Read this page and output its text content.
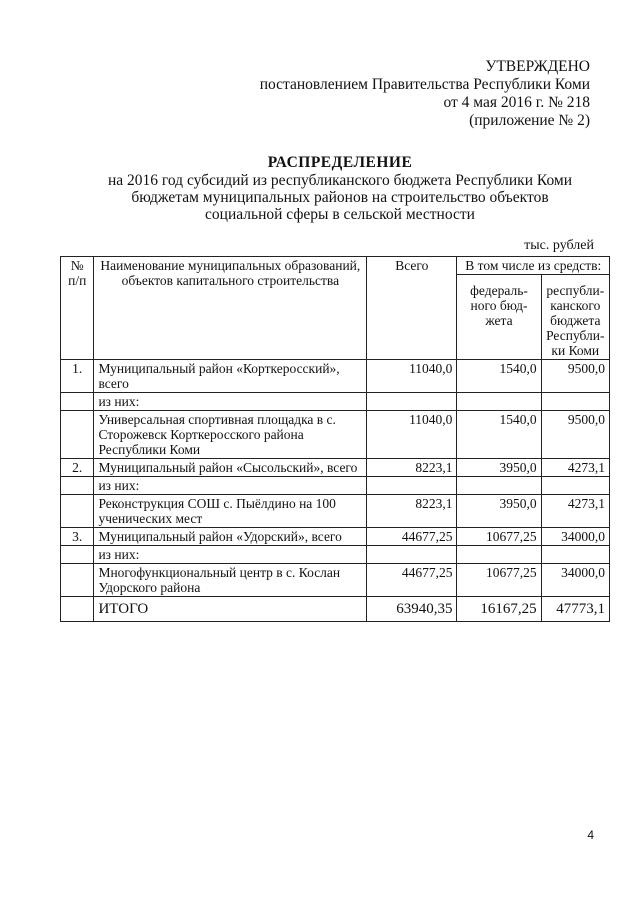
УТВЕРЖДЕНО
постановлением Правительства Республики Коми
от 4 мая 2016 г. № 218
(приложение № 2)
РАСПРЕДЕЛЕНИЕ
на 2016 год субсидий из республиканского бюджета Республики Коми
бюджетам муниципальных районов на строительство объектов
социальной сферы в сельской местности
тыс. рублей
№ п/п	Наименование муниципальных образований, объектов капитального строительства	Всего	В том числе из средств:	
			федераль-ного бюд-жета	республи-канского бюджета Республи-ки Коми
1.	Муниципальный район «Корткеросский», всего	11040,0	1540,0	9500,0
	из них:			
	Универсальная спортивная площадка в с. Сторожевск Корткеросского района Республики Коми	11040,0	1540,0	9500,0
2.	Муниципальный район «Сысольский», всего	8223,1	3950,0	4273,1
	из них:			
	Реконструкция СОШ с. Пыёлдино на 100 ученических мест	8223,1	3950,0	4273,1
3.	Муниципальный район «Удорский», всего	44677,25	10677,25	34000,0
	из них:			
	Многофункциональный центр в с. Кослан Удорского района	44677,25	10677,25	34000,0
	ИТОГО	63940,35	16167,25	47773,1
4
